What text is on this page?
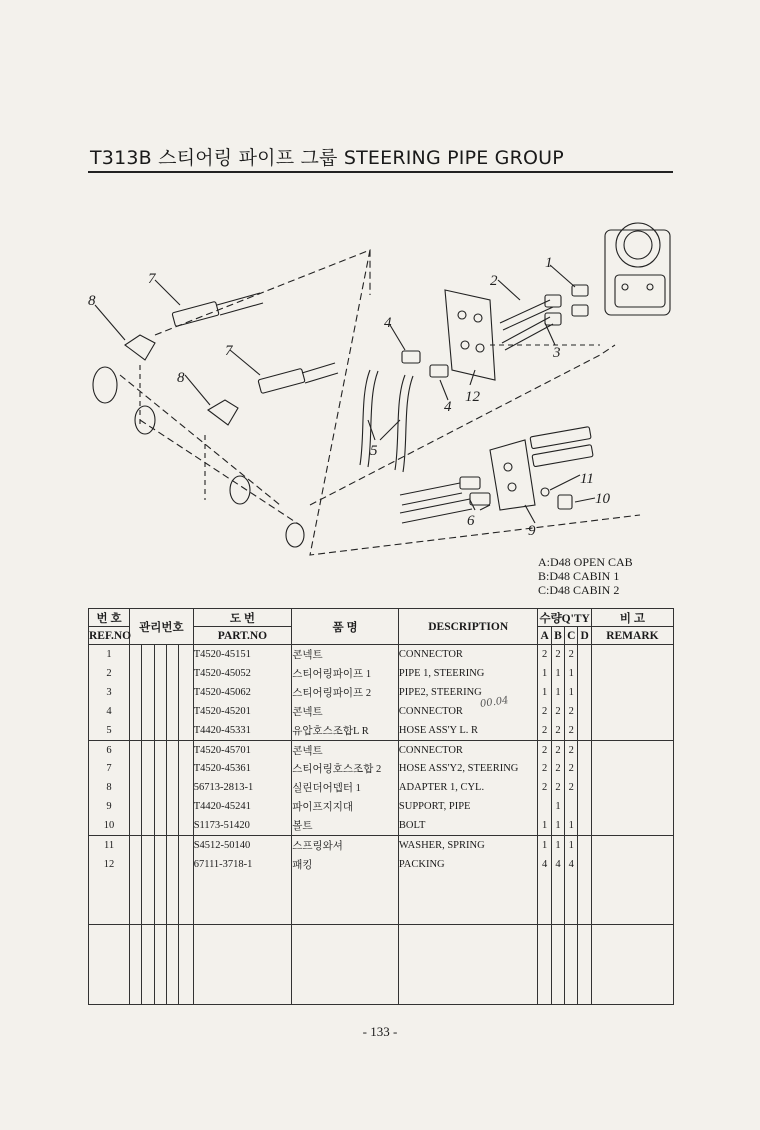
T313B 스티어링 파이프 그룹 STEERING PIPE GROUP
7
8
7
8
2
1
3
4
4
12
5
6
9
11
10
A:D48 OPEN CAB
B:D48 CABIN 1
C:D48 CABIN 2
번 호	관리번호					도 번	품 명	DESCRIPTION	수량Q'TY				비 고
REF.NO						PART.NO			A	B	C	D	REMARK
1						T4520-45151	콘넥트	CONNECTOR	2	2	2		
2						T4520-45052	스티어링파이프 1	PIPE 1, STEERING	1	1	1		
3						T4520-45062	스티어링파이프 2	PIPE2, STEERING	1	1	1		
4						T4520-45201	콘넥트	CONNECTOR	2	2	2		
5						T4420-45331	유압호스조합L R	HOSE ASS'Y L. R	2	2	2		
6						T4520-45701	콘넥트	CONNECTOR	2	2	2		
7						T4520-45361	스티어링호스조합 2	HOSE ASS'Y2, STEERING	2	2	2		
8						56713-2813-1	실린더어뎁터 1	ADAPTER 1, CYL.	2	2	2		
9						T4420-45241	파이프지지대	SUPPORT, PIPE		1			
10						S1173-51420	볼트	BOLT	1	1	1		
11						S4512-50140	스프링와셔	WASHER, SPRING	1	1	1		
12						67111-3718-1	패킹	PACKING	4	4	4		

- 133 -
00.04
